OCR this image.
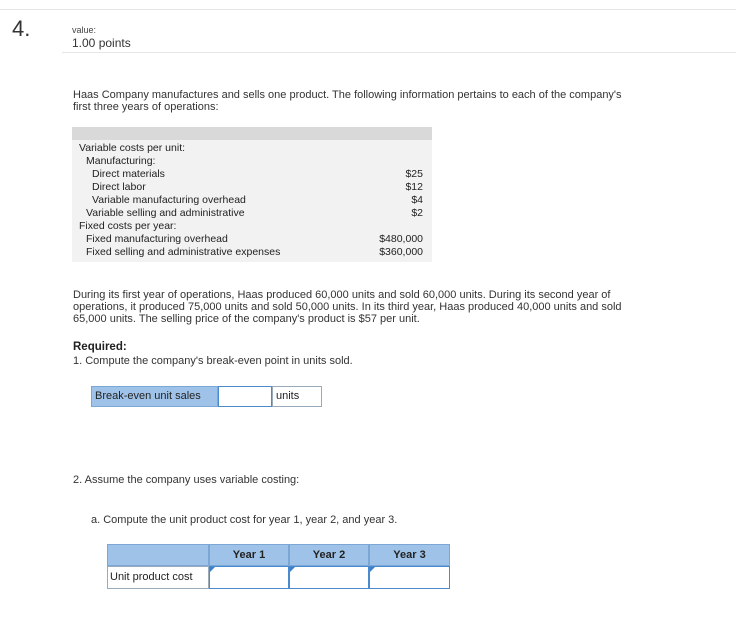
4.	value:
1.00 points
Haas Company manufactures and sells one product. The following information pertains to each of the company's first three years of operations:
Variable costs per unit:
Manufacturing:
Direct materials	$25
Direct labor	$12
Variable manufacturing overhead	$4
Variable selling and administrative	$2
Fixed costs per year:
Fixed manufacturing overhead	$480,000
Fixed selling and administrative expenses	$360,000
During its first year of operations, Haas produced 60,000 units and sold 60,000 units. During its second year of operations, it produced 75,000 units and sold 50,000 units. In its third year, Haas produced 40,000 units and sold 65,000 units. The selling price of the company's product is $57 per unit.
Required:
1. Compute the company's break-even point in units sold.
Break-even unit sales	units
2. Assume the company uses variable costing:
a. Compute the unit product cost for year 1, year 2, and year 3.
Year 1	Year 2	Year 3
Unit product cost
